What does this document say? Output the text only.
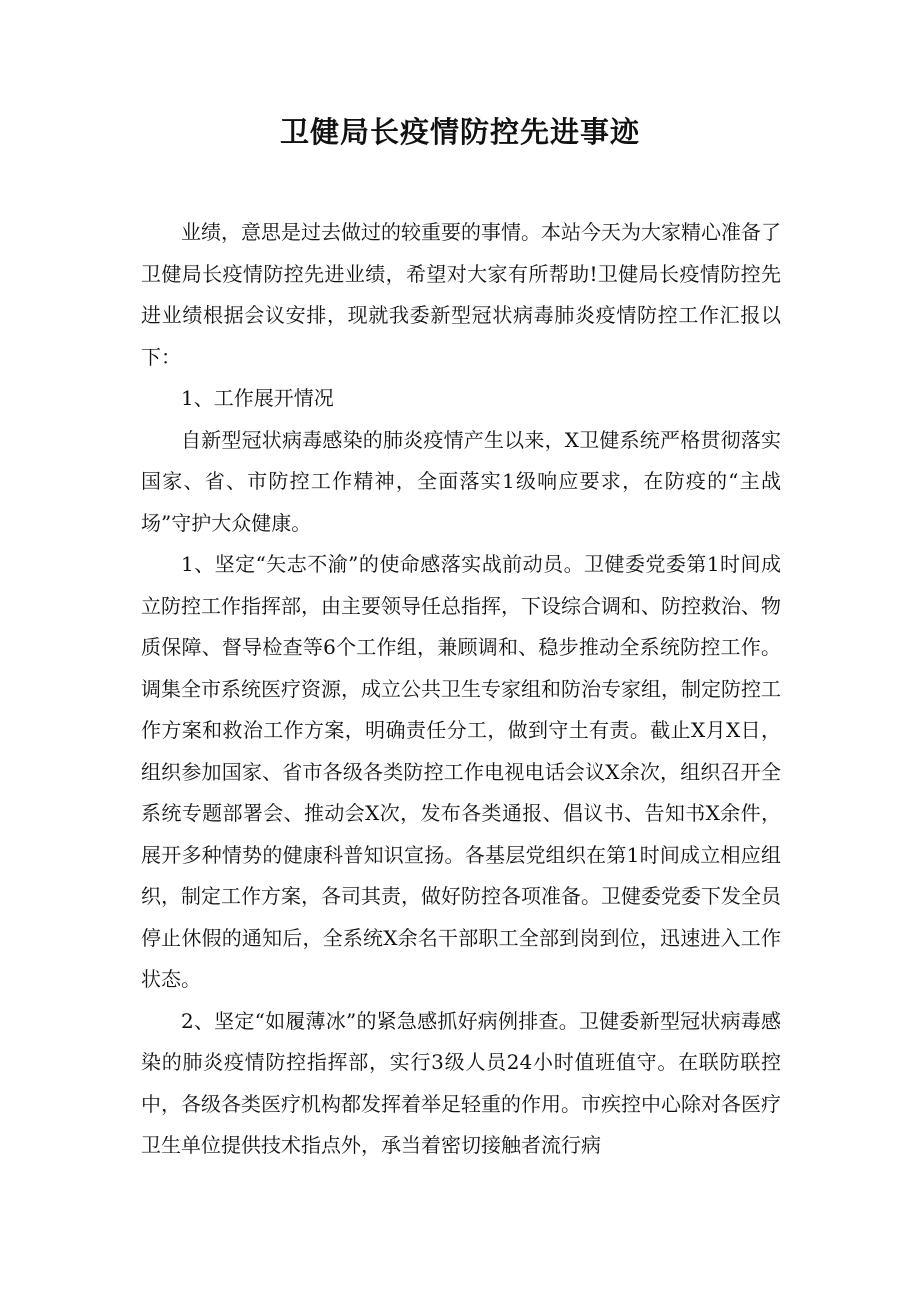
卫健局长疫情防控先进事迹

业绩，意思是过去做过的较重要的事情。本站今天为大家精心准备了卫健局长疫情防控先进业绩，希望对大家有所帮助!卫健局长疫情防控先进业绩根据会议安排，现就我委新型冠状病毒肺炎疫情防控工作汇报以下：

1、工作展开情况

自新型冠状病毒感染的肺炎疫情产生以来，X卫健系统严格贯彻落实国家、省、市防控工作精神，全面落实1级响应要求，在防疫的“主战场”守护大众健康。

1、坚定“矢志不渝”的使命感落实战前动员。卫健委党委第1时间成立防控工作指挥部，由主要领导任总指挥，下设综合调和、防控救治、物质保障、督导检查等6个工作组，兼顾调和、稳步推动全系统防控工作。调集全市系统医疗资源，成立公共卫生专家组和防治专家组，制定防控工作方案和救治工作方案，明确责任分工，做到守土有责。截止X月X日，组织参加国家、省市各级各类防控工作电视电话会议X余次，组织召开全系统专题部署会、推动会X次，发布各类通报、倡议书、告知书X余件，展开多种情势的健康科普知识宣扬。各基层党组织在第1时间成立相应组织，制定工作方案，各司其责，做好防控各项准备。卫健委党委下发全员停止休假的通知后，全系统X余名干部职工全部到岗到位，迅速进入工作状态。

2、坚定“如履薄冰”的紧急感抓好病例排查。卫健委新型冠状病毒感染的肺炎疫情防控指挥部，实行3级人员24小时值班值守。在联防联控中，各级各类医疗机构都发挥着举足轻重的作用。市疾控中心除对各医疗卫生单位提供技术指点外，承当着密切接触者流行病
